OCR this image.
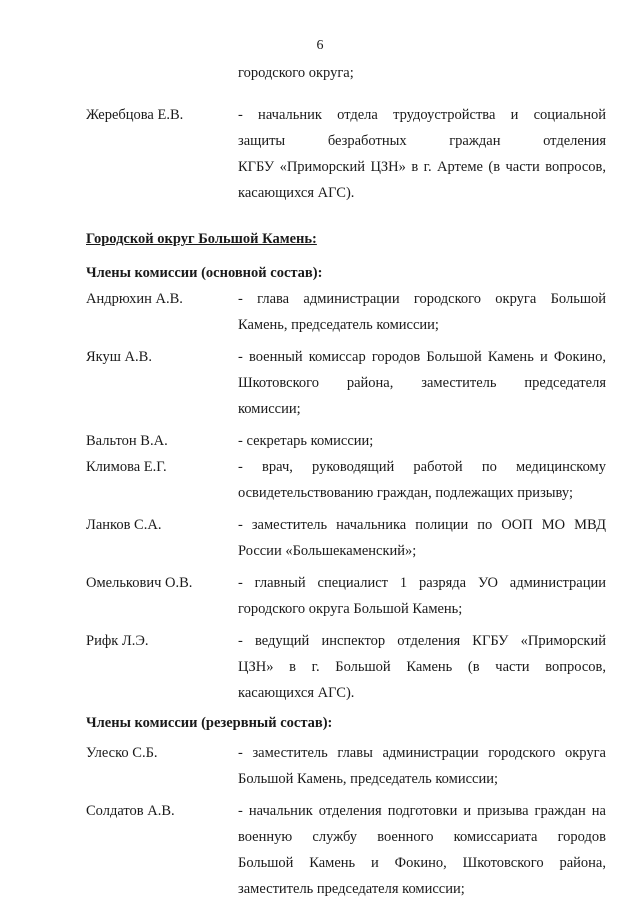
6
городского округа;
Жеребцова Е.В.	- начальник отдела трудоустройства и социальной
защиты безработных граждан отделения
КГБУ «Приморский ЦЗН» в г. Артеме (в части вопросов,
касающихся АГС).
Городской округ Большой Камень:
Члены комиссии (основной состав):
Андрюхин А.В.	- глава администрации городского округа Большой
Камень, председатель комиссии;
Якуш А.В.	- военный комиссар городов Большой Камень и Фокино,
Шкотовского района, заместитель председателя
комиссии;
Вальтон В.А.	- секретарь комиссии;
Климова Е.Г.	- врач, руководящий работой по медицинскому
освидетельствованию граждан, подлежащих призыву;
Ланков С.А.	- заместитель начальника полиции по ООП МО МВД
России «Большекаменский»;
Омелькович О.В.	- главный специалист 1 разряда УО администрации
городского округа Большой Камень;
Рифк Л.Э.	- ведущий инспектор отделения КГБУ «Приморский
ЦЗН» в г. Большой Камень (в части вопросов,
касающихся АГС).
Члены комиссии (резервный состав):
Улеско С.Б.	- заместитель главы администрации городского округа
Большой Камень, председатель комиссии;
Солдатов А.В.	- начальник отделения подготовки и призыва граждан на
военную службу военного комиссариата городов
Большой Камень и Фокино, Шкотовского района,
заместитель председателя комиссии;
